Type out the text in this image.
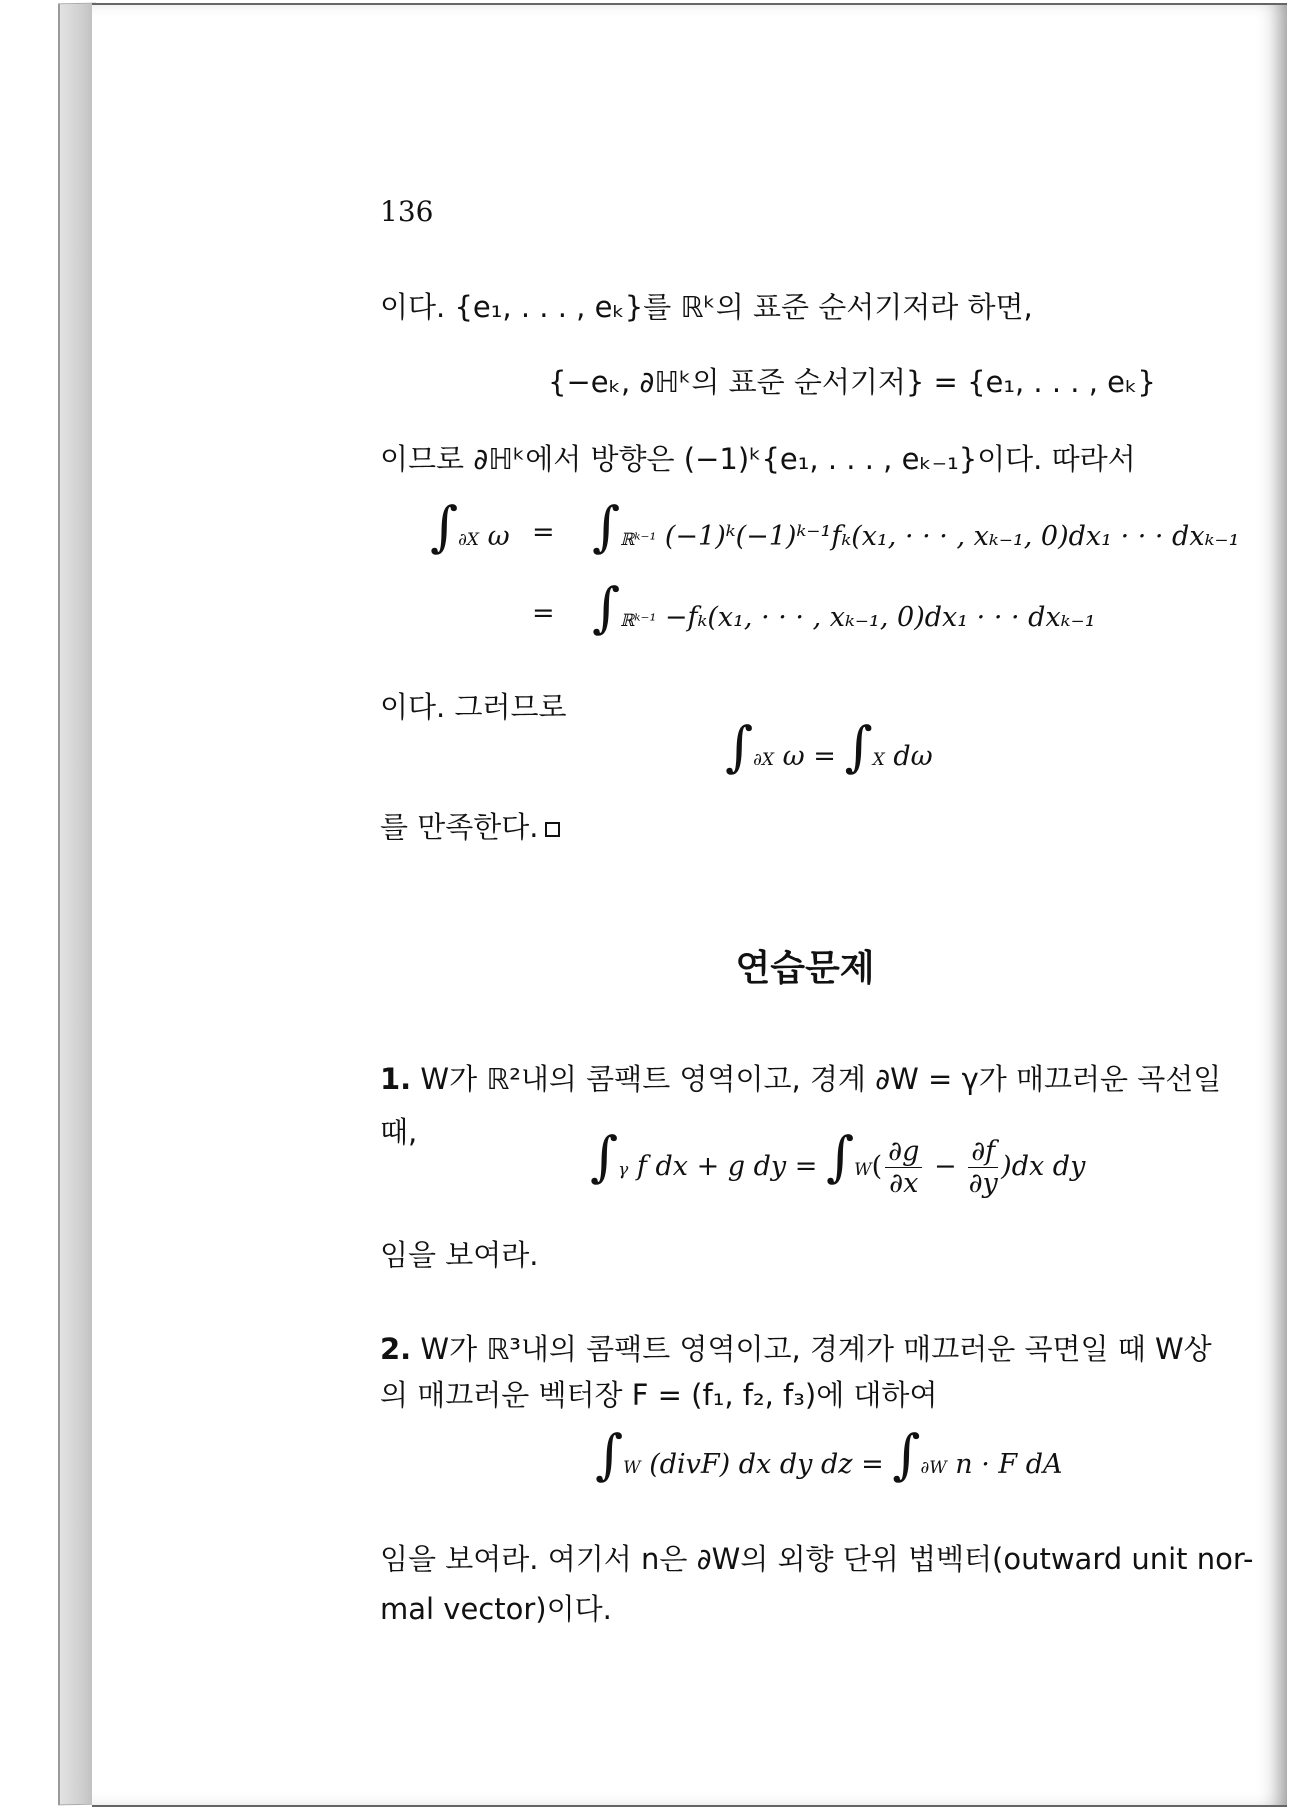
136
이다. {e₁, . . . , eₖ}를 ℝᵏ의 표준 순서기저라 하면,
{−eₖ, ∂ℍᵏ의 표준 순서기저} = {e₁, . . . , eₖ}
이므로 ∂ℍᵏ에서 방향은 (−1)ᵏ{e₁, . . . , eₖ₋₁}이다. 따라서
∫∂X ω = ∫ℝᵏ⁻¹ (−1)ᵏ(−1)ᵏ⁻¹fₖ(x₁, · · · , xₖ₋₁, 0)dx₁ · · · dxₖ₋₁
= ∫ℝᵏ⁻¹ −fₖ(x₁, · · · , xₖ₋₁, 0)dx₁ · · · dxₖ₋₁
이다. 그러므로
∫∂X ω = ∫X dω
를 만족한다.
연습문제
1. W가 ℝ²내의 콤팩트 영역이고, 경계 ∂W = γ가 매끄러운 곡선일
때,	∫γ f dx + g dy = $\int W( \frac{\partial g}{\partial x} - \frac{\partial f}{\partial y} )dx$ dy
임을 보여라.
2. W가 ℝ³내의 콤팩트 영역이고, 경계가 매끄러운 곡면일 때 W상
의 매끄러운 벡터장 F = (f₁, f₂, f₃)에 대하여
∫W (divF) dx dy dz = ∫∂W n · F dA
임을 보여라. 여기서 n은 ∂W의 외향 단위 법벡터(outward unit nor-
mal vector)이다.
